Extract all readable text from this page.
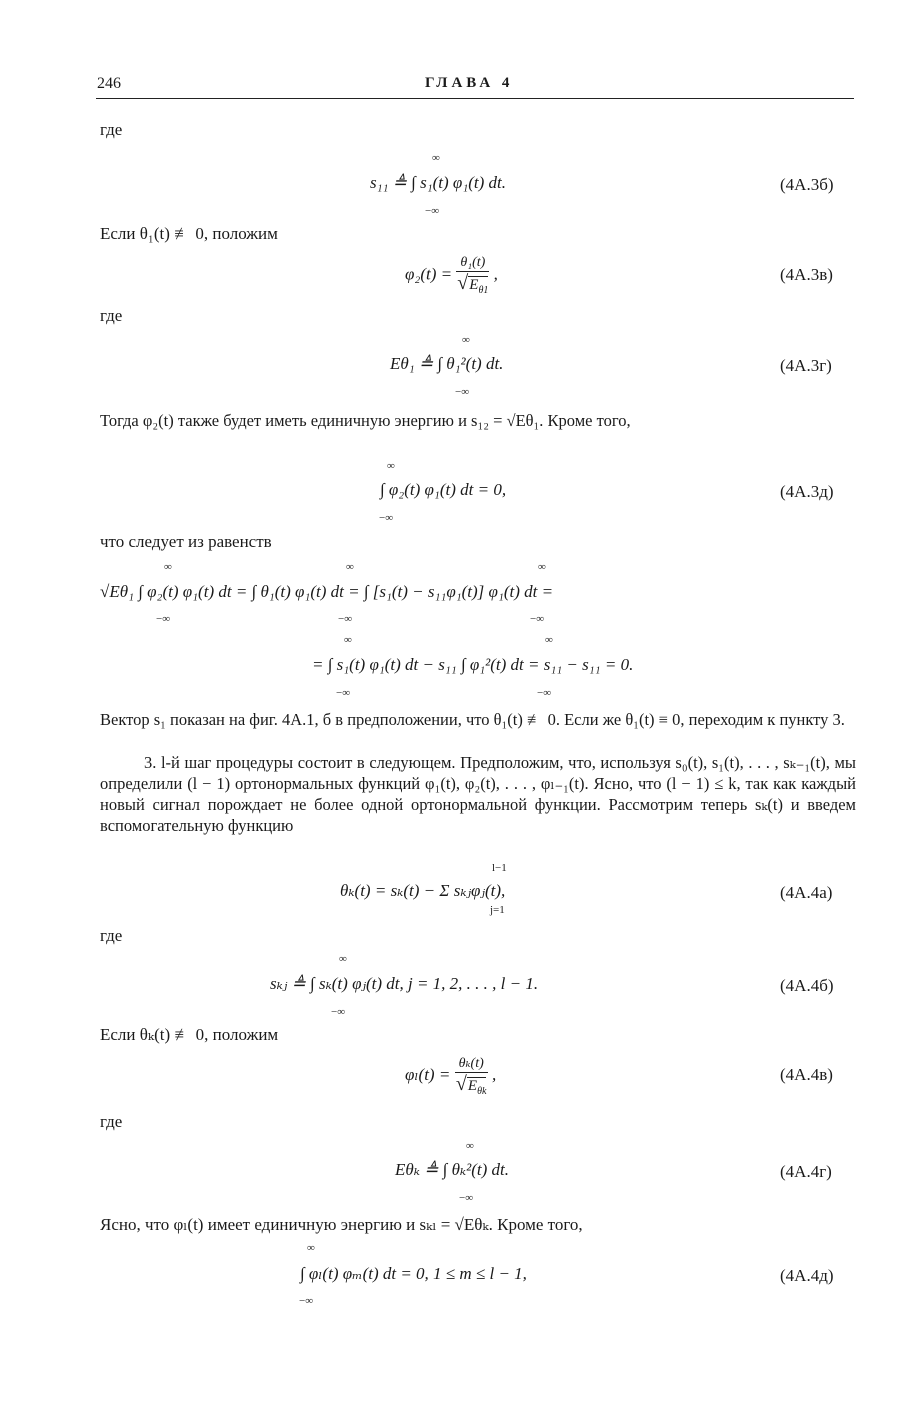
246	ГЛАВА 4
где
s₁₁ ≜ ∫ s₁(t) φ₁(t) dt.
∞
−∞
(4А.3б)
Если θ₁(t) ≢ 0, положим
$\varphi_2(t) = \frac{\text{θ₁(t)}}{√E_{\theta 1}}$ ,	(4А.3в)
где
Eθ₁ ≜ ∫ θ₁²(t) dt.
∞
−∞
(4А.3г)
Тогда φ₂(t) также будет иметь единичную энергию и s₁₂ = √Eθ₁. Кроме того,
∫ φ₂(t) φ₁(t) dt = 0,
∞
−∞
(4А.3д)
что следует из равенств
√Eθ₁ ∫ φ₂(t) φ₁(t) dt = ∫ θ₁(t) φ₁(t) dt = ∫ [s₁(t) − s₁₁φ₁(t)] φ₁(t) dt =
∞
−∞
∞
−∞
∞
−∞
= ∫ s₁(t) φ₁(t) dt − s₁₁ ∫ φ₁²(t) dt = s₁₁ − s₁₁ = 0.
∞
−∞
∞
−∞
Вектор s₁ показан на фиг. 4А.1, б в предположении, что θ₁(t) ≢ 0. Если же θ₁(t) ≡ 0, переходим к пункту 3.
3. l-й шаг процедуры состоит в следующем. Предположим, что, используя s₀(t), s₁(t), . . . , sₖ₋₁(t), мы определили (l − 1) ортонормальных функций φ₁(t), φ₂(t), . . . , φₗ₋₁(t). Ясно, что (l − 1) ≤ k, так как каждый новый сигнал порождает не более одной ортонормальной функции. Рассмотрим теперь sₖ(t) и введем вспомогательную функцию
θₖ(t) = sₖ(t) − Σ sₖⱼφⱼ(t),
l−1
j=1
(4А.4а)
где
sₖⱼ ≜ ∫ sₖ(t) φⱼ(t) dt, j = 1, 2, . . . , l − 1.
∞
−∞
(4А.4б)
Если θₖ(t) ≢ 0, положим
$\varphi_l(t) = \frac{\text{θₖ(t)}}{√E_{\theta k}}$ ,	(4А.4в)
где
Eθₖ ≜ ∫ θₖ²(t) dt.
∞
−∞
(4А.4г)
Ясно, что φₗ(t) имеет единичную энергию и sₖₗ = √Eθₖ. Кроме того,
∫ φₗ(t) φₘ(t) dt = 0, 1 ≤ m ≤ l − 1,
∞
−∞
(4А.4д)
